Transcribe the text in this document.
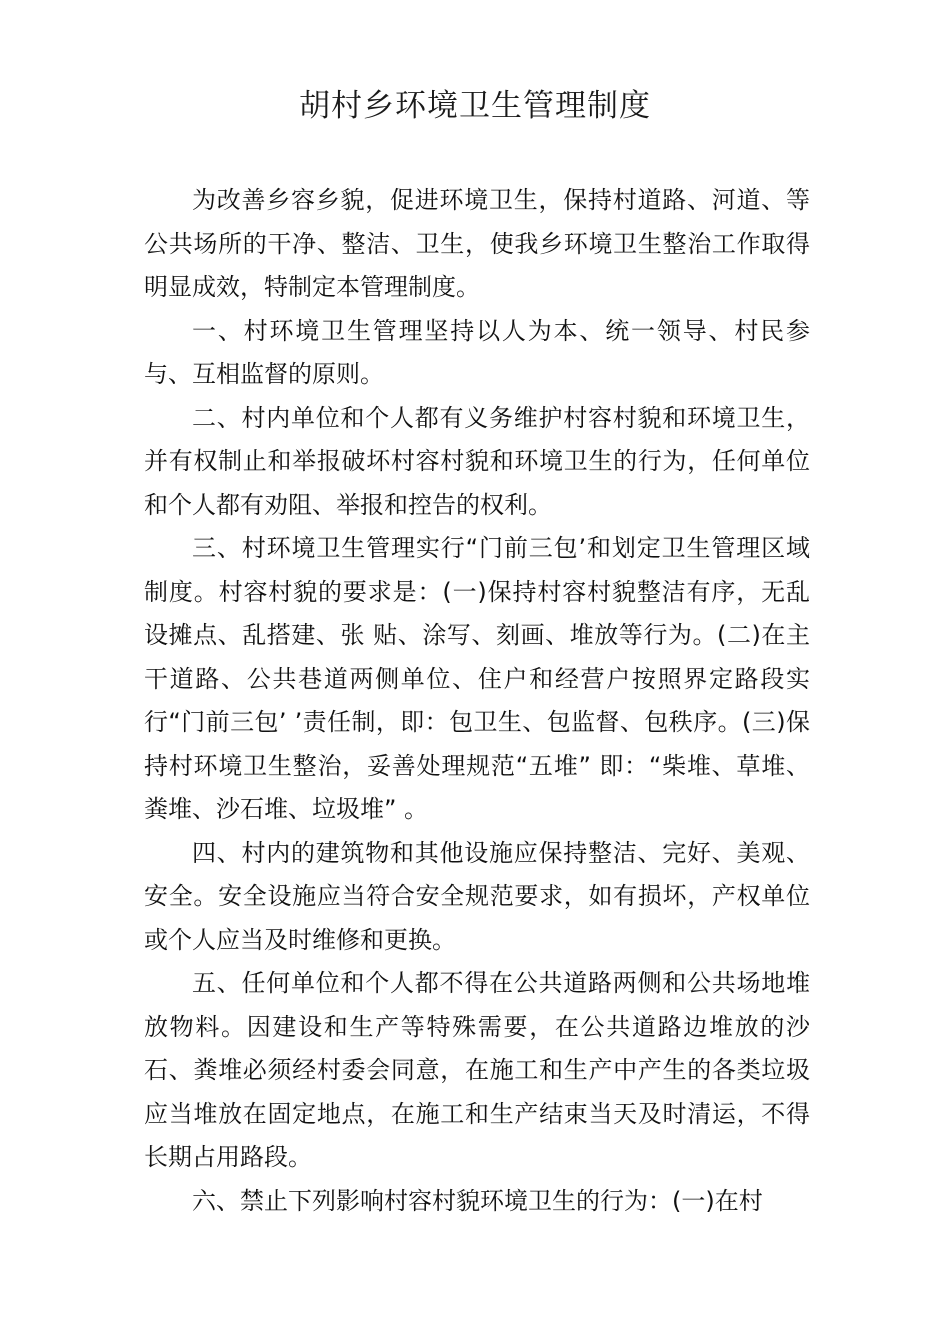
胡村乡环境卫生管理制度

为改善乡容乡貌，促进环境卫生，保持村道路、河道、等公共场所的干净、整洁、卫生，使我乡环境卫生整治工作取得明显成效，特制定本管理制度。

一、村环境卫生管理坚持以人为本、统一领导、村民参与、互相监督的原则。

二、村内单位和个人都有义务维护村容村貌和环境卫生，并有权制止和举报破坏村容村貌和环境卫生的行为，任何单位和个人都有劝阻、举报和控告的权利。

三、村环境卫生管理实行“门前三包’和划定卫生管理区域制度。村容村貌的要求是：(一)保持村容村貌整洁有序，无乱设摊点、乱搭建、张 贴、涂写、刻画、堆放等行为。(二)在主干道路、公共巷道两侧单位、住户和经营户按照界定路段实行“门前三包’ ’责任制，即：包卫生、包监督、包秩序。(三)保持村环境卫生整治，妥善处理规范“五堆” 即：“柴堆、草堆、粪堆、沙石堆、垃圾堆” 。

四、村内的建筑物和其他设施应保持整洁、完好、美观、安全。安全设施应当符合安全规范要求，如有损坏，产权单位或个人应当及时维修和更换。

五、任何单位和个人都不得在公共道路两侧和公共场地堆放物料。因建设和生产等特殊需要，在公共道路边堆放的沙石、粪堆必须经村委会同意，在施工和生产中产生的各类垃圾应当堆放在固定地点，在施工和生产结束当天及时清运，不得长期占用路段。

六、禁止下列影响村容村貌环境卫生的行为：(一)在村
